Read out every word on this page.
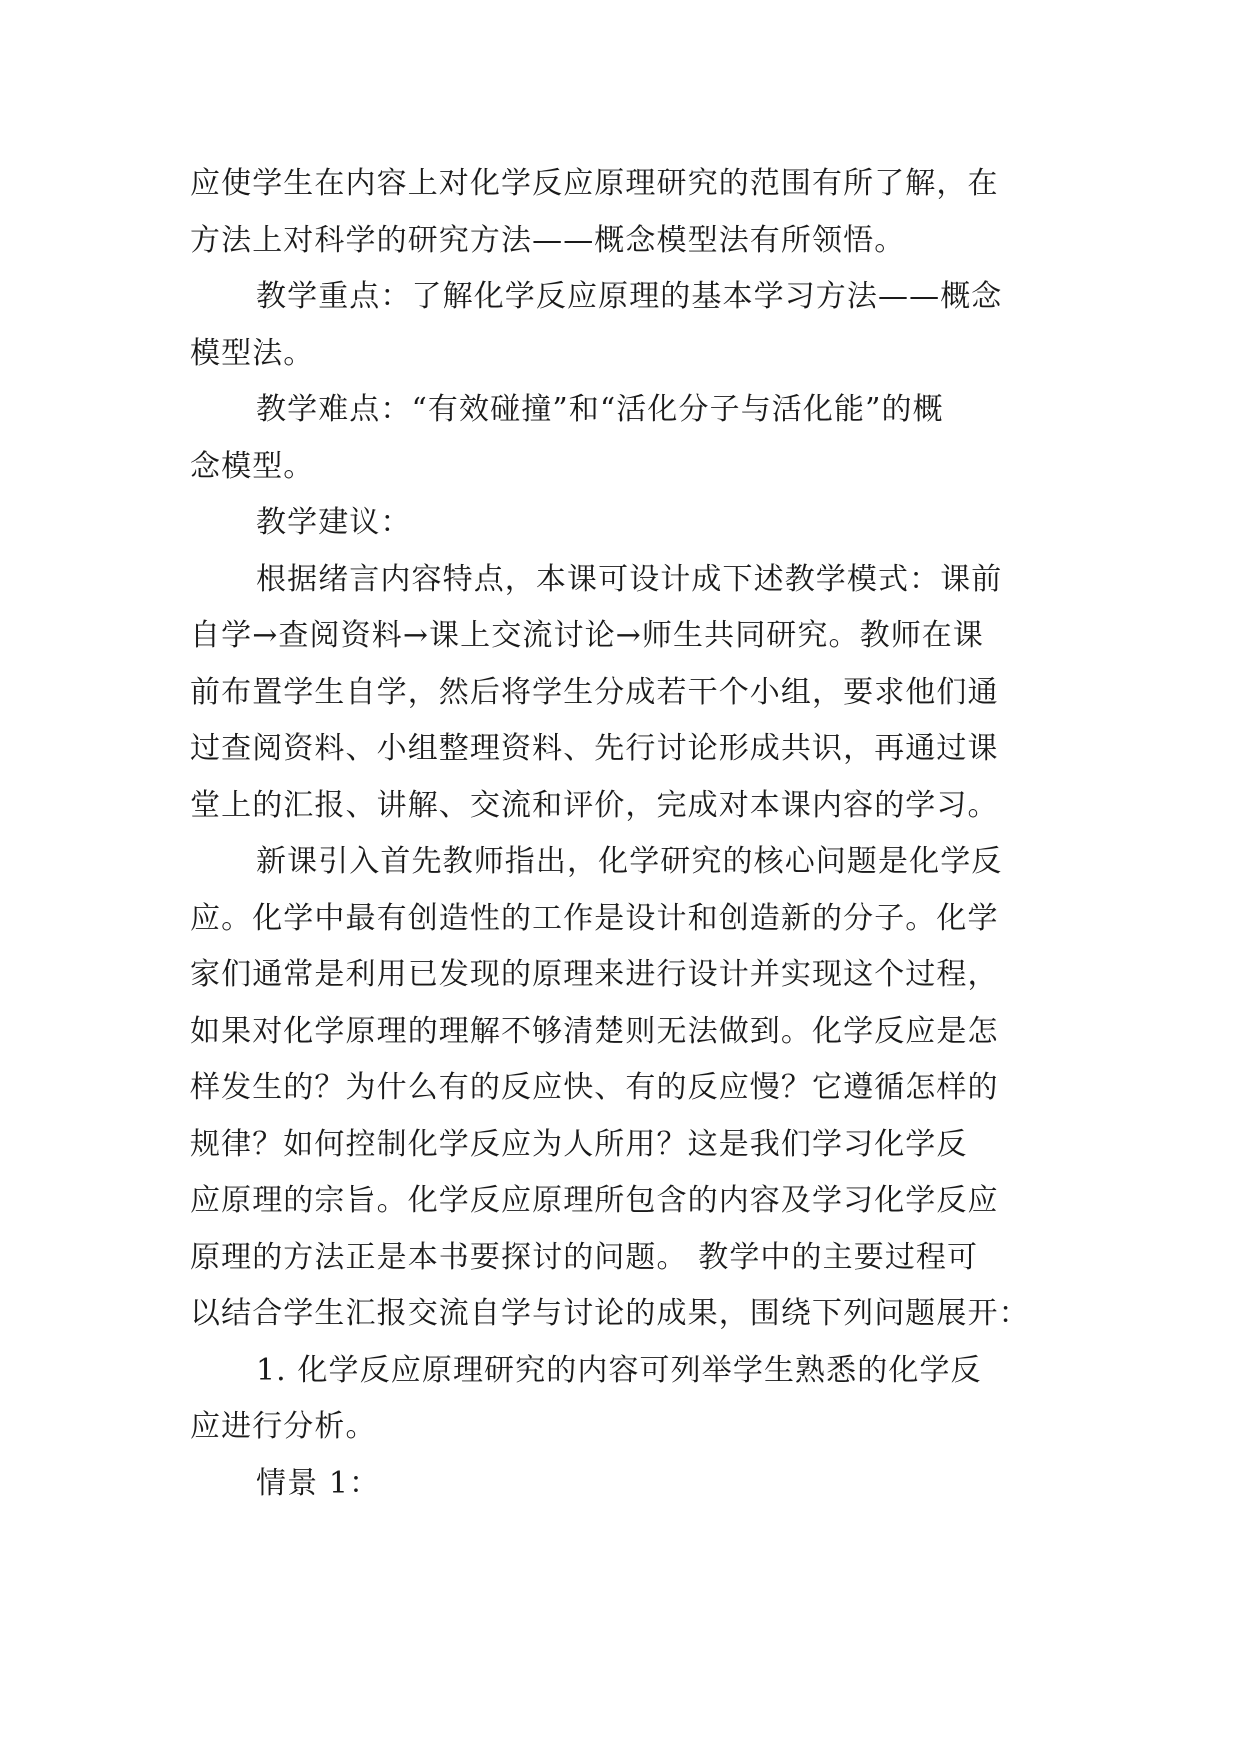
应使学生在内容上对化学反应原理研究的范围有所了解，在
方法上对科学的研究方法——概念模型法有所领悟。
教学重点：了解化学反应原理的基本学习方法——概念
模型法。
教学难点：“有效碰撞”和“活化分子与活化能”的概
念模型。
教学建议：
根据绪言内容特点，本课可设计成下述教学模式：课前
自学→查阅资料→课上交流讨论→师生共同研究。教师在课
前布置学生自学，然后将学生分成若干个小组，要求他们通
过查阅资料、小组整理资料、先行讨论形成共识，再通过课
堂上的汇报、讲解、交流和评价，完成对本课内容的学习。
新课引入首先教师指出，化学研究的核心问题是化学反
应。化学中最有创造性的工作是设计和创造新的分子。化学
家们通常是利用已发现的原理来进行设计并实现这个过程，
如果对化学原理的理解不够清楚则无法做到。化学反应是怎
样发生的？为什么有的反应快、有的反应慢？它遵循怎样的
规律？如何控制化学反应为人所用？这是我们学习化学反
应原理的宗旨。化学反应原理所包含的内容及学习化学反应
原理的方法正是本书要探讨的问题。 教学中的主要过程可
以结合学生汇报交流自学与讨论的成果，围绕下列问题展开：
1. 化学反应原理研究的内容可列举学生熟悉的化学反
应进行分析。
情景 1：
